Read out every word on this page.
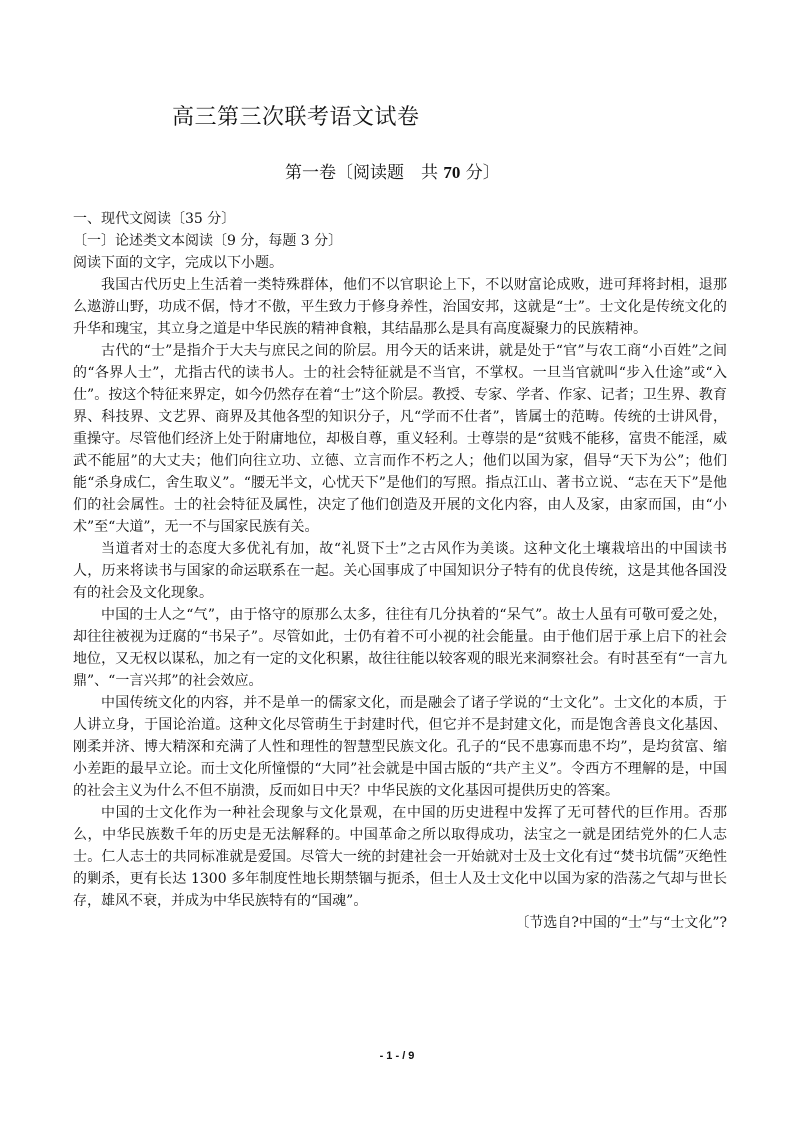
高三第三次联考语文试卷
第一卷〔阅读题　共 70 分〕

一、现代文阅读〔35 分〕

〔一〕论述类文本阅读〔9 分，每题 3 分〕

阅读下面的文字，完成以下小题。

我国古代历史上生活着一类特殊群体，他们不以官职论上下，不以财富论成败，进可拜将封相，退那么遨游山野，功成不倨，恃才不傲，平生致力于修身养性，治国安邦，这就是“士”。士文化是传统文化的升华和瑰宝，其立身之道是中华民族的精神食粮，其结晶那么是具有高度凝聚力的民族精神。

古代的“士”是指介于大夫与庶民之间的阶层。用今天的话来讲，就是处于“官”与农工商“小百姓”之间的“各界人士”，尤指古代的读书人。士的社会特征就是不当官，不掌权。一旦当官就叫“步入仕途”或“入仕”。按这个特征来界定，如今仍然存在着“士”这个阶层。教授、专家、学者、作家、记者；卫生界、教育界、科技界、文艺界、商界及其他各型的知识分子，凡“学而不仕者”，皆属士的范畴。传统的士讲风骨，重操守。尽管他们经济上处于附庸地位，却极自尊，重义轻利。士尊崇的是“贫贱不能移，富贵不能淫，威武不能屈”的大丈夫；他们向往立功、立德、立言而作不朽之人；他们以国为家，倡导“天下为公”；他们能“杀身成仁，舍生取义”。“腰无半文，心忧天下”是他们的写照。指点江山、著书立说、“志在天下”是他们的社会属性。士的社会特征及属性，决定了他们创造及开展的文化内容，由人及家，由家而国，由“小术”至“大道”，无一不与国家民族有关。

当道者对士的态度大多优礼有加，故“礼贤下士”之古风作为美谈。这种文化土壤栽培出的中国读书人，历来将读书与国家的命运联系在一起。关心国事成了中国知识分子特有的优良传统，这是其他各国没有的社会及文化现象。

中国的士人之“气”，由于恪守的原那么太多，往往有几分执着的“呆气”。故士人虽有可敬可爱之处，却往往被视为迂腐的“书呆子”。尽管如此，士仍有着不可小视的社会能量。由于他们居于承上启下的社会地位，又无权以谋私，加之有一定的文化积累，故往往能以较客观的眼光来洞察社会。有时甚至有“一言九鼎”、“一言兴邦”的社会效应。

中国传统文化的内容，并不是单一的儒家文化，而是融会了诸子学说的“士文化”。士文化的本质，于人讲立身，于国论治道。这种文化尽管萌生于封建时代，但它并不是封建文化，而是饱含善良文化基因、刚柔并济、博大精深和充满了人性和理性的智慧型民族文化。孔子的“民不患寡而患不均”，是均贫富、缩小差距的最早立论。而士文化所憧憬的“大同”社会就是中国古版的“共产主义”。令西方不理解的是，中国的社会主义为什么不但不崩溃，反而如日中天？中华民族的文化基因可提供历史的答案。

中国的士文化作为一种社会现象与文化景观，在中国的历史进程中发挥了无可替代的巨作用。否那么，中华民族数千年的历史是无法解释的。中国革命之所以取得成功，法宝之一就是团结党外的仁人志士。仁人志士的共同标准就是爱国。尽管大一统的封建社会一开始就对士及士文化有过“焚书坑儒”灭绝性的剿杀，更有长达 1300 多年制度性地长期禁锢与扼杀，但士人及士文化中以国为家的浩荡之气却与世长存，雄风不衰，并成为中华民族特有的“国魂”。

〔节选自?中国的“士”与“士文化”?

- 1 - / 9
